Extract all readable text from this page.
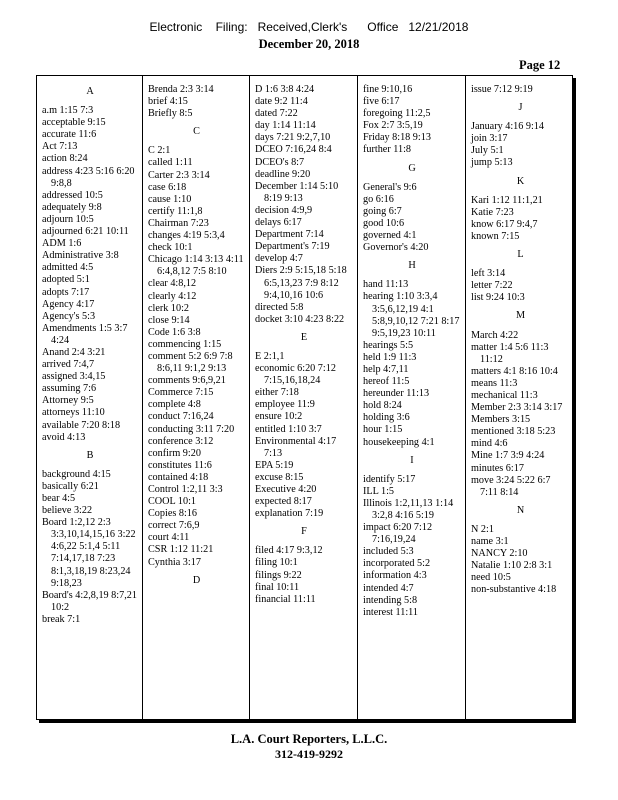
Electronic    Filing:   Received,Clerk's      Office   12/21/2018
December 20, 2018
Page 12
A
a.m 1:15 7:3
acceptable 9:15
accurate 11:6
Act 7:13
action 8:24
address 4:23 5:16 6:20 9:8,8
addressed 10:5
adequately 9:8
adjourn 10:5
adjourned 6:21 10:11
ADM 1:6
Administrative 3:8
admitted 4:5
adopted 5:1
adopts 7:17
Agency 4:17
Agency's 5:3
Amendments 1:5 3:7 4:24
Anand 2:4 3:21
arrived 7:4,7
assigned 3:4,15
assuming 7:6
Attorney 9:5
attorneys 11:10
available 7:20 8:18
avoid 4:13
B
background 4:15
basically 6:21
bear 4:5
believe 3:22
Board 1:2,12 2:3 3:3,10,14,15,16 3:22 4:6,22 5:1,4 5:11 7:14,17,18 7:23 8:1,3,18,19 8:23,24 9:18,23
Board's 4:2,8,19 8:7,21 10:2
break 7:1
Brenda 2:3 3:14
brief 4:15
Briefly 8:5
C
C 2:1
called 1:11
Carter 2:3 3:14
case 6:18
cause 1:10
certify 11:1,8
Chairman 7:23
changes 4:19 5:3,4
check 10:1
Chicago 1:14 3:13 4:11 6:4,8,12 7:5 8:10
clear 4:8,12
clearly 4:12
clerk 10:2
close 9:14
Code 1:6 3:8
commencing 1:15
comment 5:2 6:9 7:8 8:6,11 9:1,2 9:13
comments 9:6,9,21
Commerce 7:15
complete 4:8
conduct 7:16,24
conducting 3:11 7:20
conference 3:12
confirm 9:20
constitutes 11:6
contained 4:18
Control 1:2,11 3:3
COOL 10:1
Copies 8:16
correct 7:6,9
court 4:11
CSR 1:12 11:21
Cynthia 3:17
D
D 1:6 3:8 4:24
date 9:2 11:4
dated 7:22
day 1:14 11:14
days 7:21 9:2,7,10
DCEO 7:16,24 8:4
DCEO's 8:7
deadline 9:20
December 1:14 5:10 8:19 9:13
decision 4:9,9
delays 6:17
Department 7:14
Department's 7:19
develop 4:7
Diers 2:9 5:15,18 5:18 6:5,13,23 7:9 8:12 9:4,10,16 10:6
directed 5:8
docket 3:10 4:23 8:22
E
E 2:1,1
economic 6:20 7:12 7:15,16,18,24
either 7:18
employee 11:9
ensure 10:2
entitled 1:10 3:7
Environmental 4:17 7:13
EPA 5:19
excuse 8:15
Executive 4:20
expected 8:17
explanation 7:19
F
filed 4:17 9:3,12
filing 10:1
filings 9:22
final 10:11
financial 11:11
fine 9:10,16
five 6:17
foregoing 11:2,5
Fox 2:7 3:5,19
Friday 8:18 9:13
further 11:8
G
General's 9:6
go 6:16
going 6:7
good 10:6
governed 4:1
Governor's 4:20
H
hand 11:13
hearing 1:10 3:3,4 3:5,6,12,19 4:1 5:8,9,10,12 7:21 8:17 9:5,19,23 10:11
hearings 5:5
held 1:9 11:3
help 4:7,11
hereof 11:5
hereunder 11:13
hold 8:24
holding 3:6
hour 1:15
housekeeping 4:1
I
identify 5:17
ILL 1:5
Illinois 1:2,11,13 1:14 3:2,8 4:16 5:19
impact 6:20 7:12 7:16,19,24
included 5:3
incorporated 5:2
information 4:3
intended 4:7
intending 5:8
interest 11:11
issue 7:12 9:19
J
January 4:16 9:14
join 3:17
July 5:1
jump 5:13
K
Kari 1:12 11:1,21
Katie 7:23
know 6:17 9:4,7
known 7:15
L
left 3:14
letter 7:22
list 9:24 10:3
M
March 4:22
matter 1:4 5:6 11:3 11:12
matters 4:1 8:16 10:4
means 11:3
mechanical 11:3
Member 2:3 3:14 3:17
Members 3:15
mentioned 3:18 5:23
mind 4:6
Mine 1:7 3:9 4:24
minutes 6:17
move 3:24 5:22 6:7 7:11 8:14
N
N 2:1
name 3:1
NANCY 2:10
Natalie 1:10 2:8 3:1
need 10:5
non-substantive 4:18
L.A. Court Reporters, L.L.C.
312-419-9292
